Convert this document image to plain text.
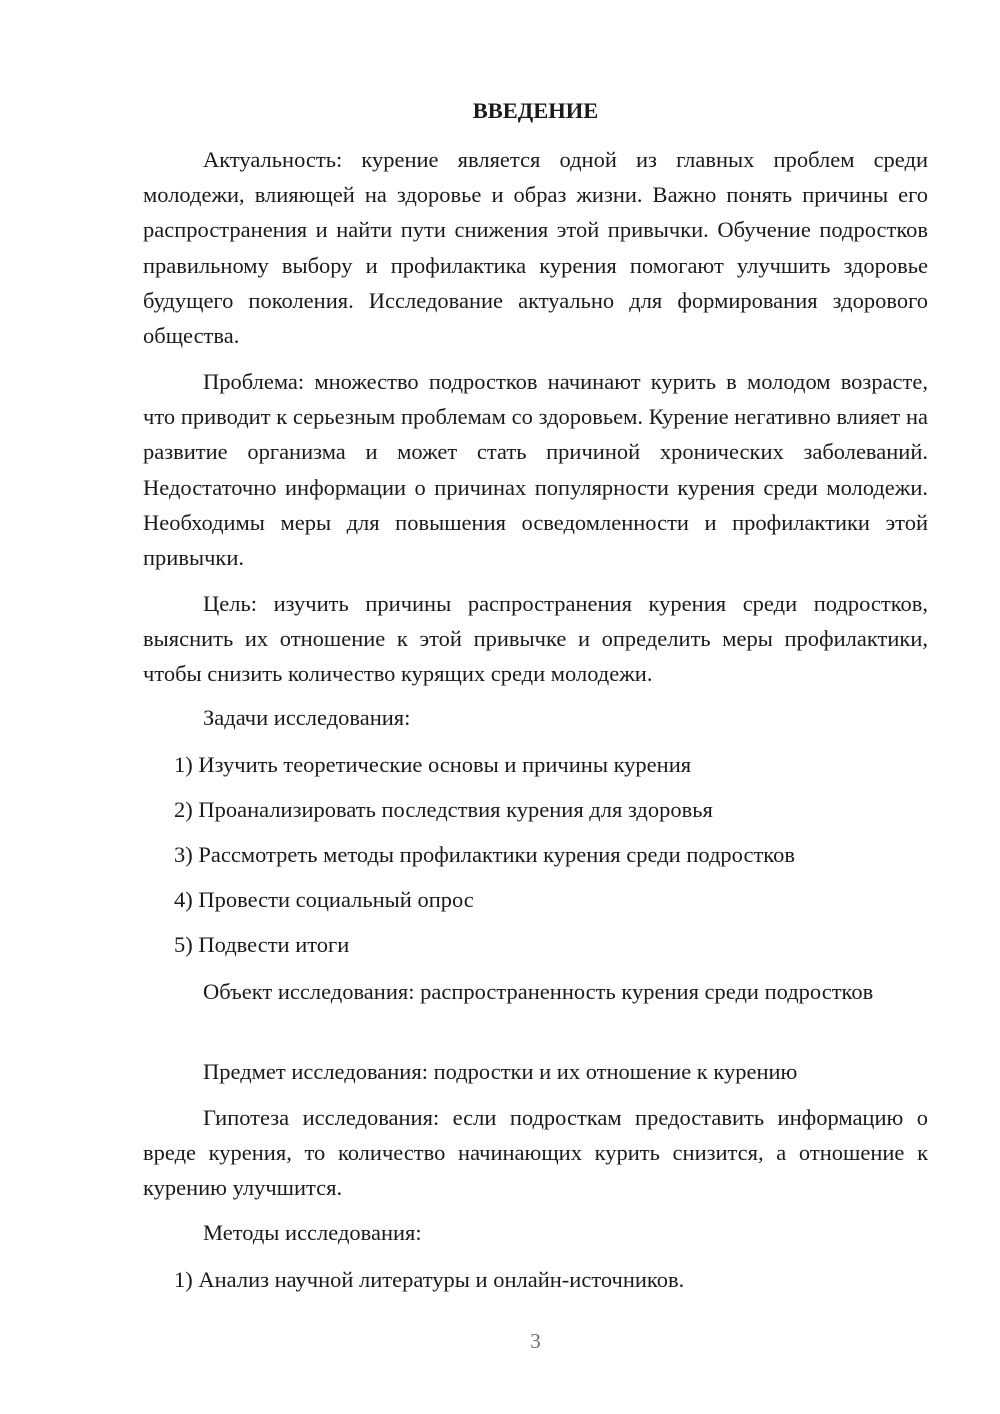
ВВЕДЕНИЕ

Актуальность: курение является одной из главных проблем среди молодежи, влияющей на здоровье и образ жизни. Важно понять причины его распространения и найти пути снижения этой привычки. Обучение подростков правильному выбору и профилактика курения помогают улучшить здоровье будущего поколения. Исследование актуально для формирования здорового общества.

Проблема: множество подростков начинают курить в молодом возрасте, что приводит к серьезным проблемам со здоровьем. Курение негативно влияет на развитие организма и может стать причиной хронических заболеваний. Недостаточно информации о причинах популярности курения среди молодежи. Необходимы меры для повышения осведомленности и профилактики этой привычки.

Цель: изучить причины распространения курения среди подростков, выяснить их отношение к этой привычке и определить меры профилактики, чтобы снизить количество курящих среди молодежи.

Задачи исследования:

1) Изучить теоретические основы и причины курения

2) Проанализировать последствия курения для здоровья

3) Рассмотреть методы профилактики курения среди подростков

4) Провести социальный опрос

5) Подвести итоги

Объект исследования: распространенность курения среди подростков

Предмет исследования: подростки и их отношение к курению

Гипотеза исследования: если подросткам предоставить информацию о вреде курения, то количество начинающих курить снизится, а отношение к курению улучшится.

Методы исследования:

1) Анализ научной литературы и онлайн-источников.

3
